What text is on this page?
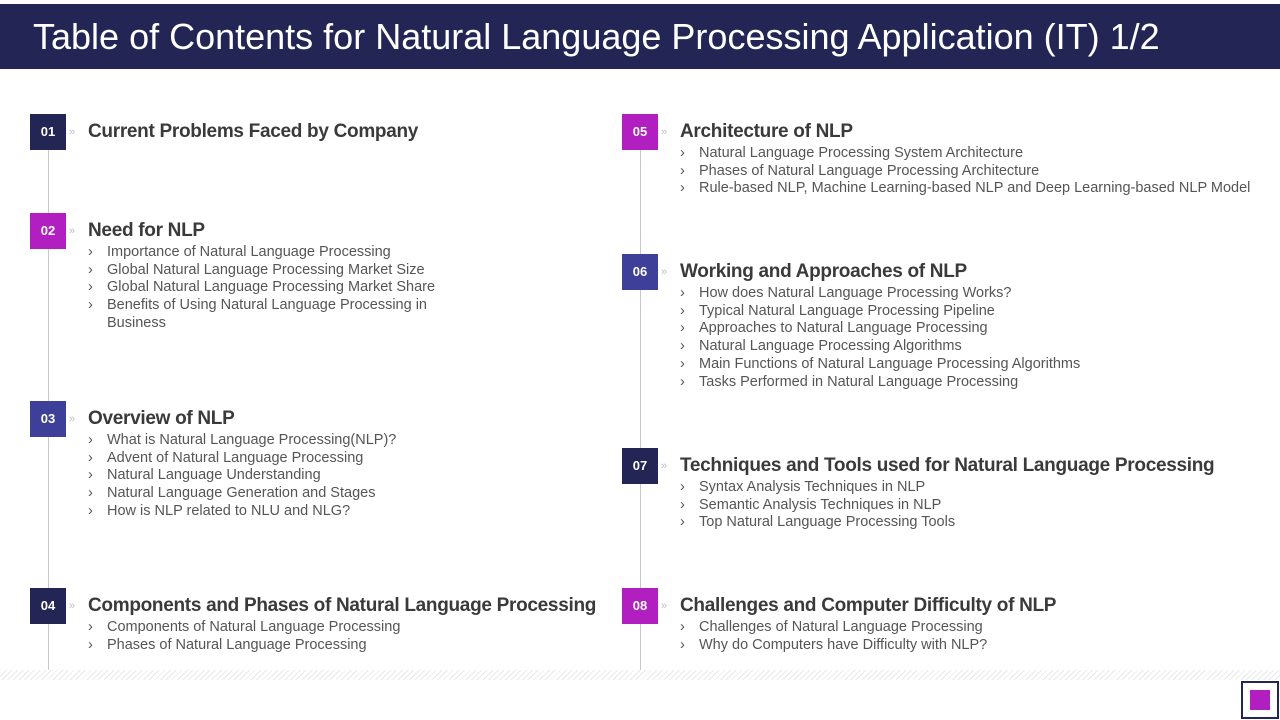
Table of Contents for Natural Language Processing Application (IT) 1/2
01	» Current Problems Faced by Company
02	» Need for NLP
› Importance of Natural Language Processing
› Global Natural Language Processing Market Size
› Global Natural Language Processing Market Share
› Benefits of Using Natural Language Processing in Business
03	» Overview of NLP
› What is Natural Language Processing(NLP)?
› Advent of Natural Language Processing
› Natural Language Understanding
› Natural Language Generation and Stages
› How is NLP related to NLU and NLG?
04	» Components and Phases of Natural Language Processing
› Components of Natural Language Processing
› Phases of Natural Language Processing
05	» Architecture of NLP
› Natural Language Processing System Architecture
› Phases of Natural Language Processing Architecture
› Rule-based NLP, Machine Learning-based NLP and Deep Learning-based NLP Model
06	» Working and Approaches of NLP
› How does Natural Language Processing Works?
› Typical Natural Language Processing Pipeline
› Approaches to Natural Language Processing
› Natural Language Processing Algorithms
› Main Functions of Natural Language Processing Algorithms
› Tasks Performed in Natural Language Processing
07	» Techniques and Tools used for Natural Language Processing
› Syntax Analysis Techniques in NLP
› Semantic Analysis Techniques in NLP
› Top Natural Language Processing Tools
08	» Challenges and Computer Difficulty of NLP
› Challenges of Natural Language Processing
› Why do Computers have Difficulty with NLP?
